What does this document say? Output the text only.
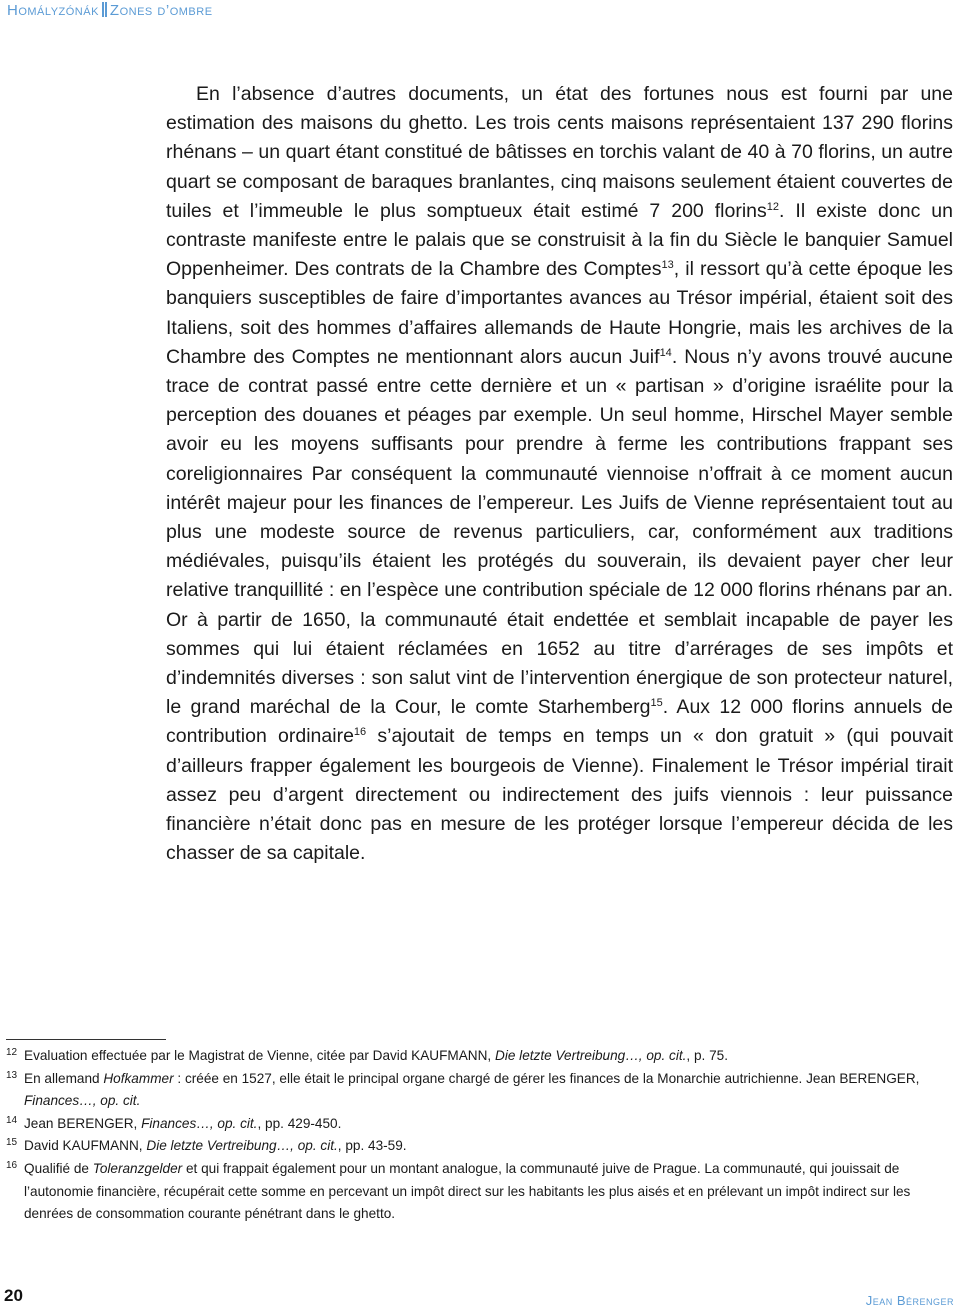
Homályzónák Zones d’ombre

En l’absence d’autres documents, un état des fortunes nous est fourni par une estimation des maisons du ghetto. Les trois cents maisons représentaient 137 290 florins rhénans – un quart étant constitué de bâtisses en torchis valant de 40 à 70 florins, un autre quart se composant de baraques branlantes, cinq maisons seulement étaient couvertes de tuiles et l’immeuble le plus somptueux était estimé 7 200 florins$^{12}$. Il existe donc un contraste manifeste entre le palais que se construisit à la fin du Siècle le banquier Samuel Oppenheimer. Des contrats de la Chambre des Comptes$^{13}$, il ressort qu’à cette époque les banquiers susceptibles de faire d’importantes avances au Trésor impérial, étaient soit des Italiens, soit des hommes d’affaires allemands de Haute Hongrie, mais les archives de la Chambre des Comptes ne mentionnant alors aucun Juif$^{14}$. Nous n’y avons trouvé aucune trace de contrat passé entre cette dernière et un « partisan » d’origine israélite pour la perception des douanes et péages par exemple. Un seul homme, Hirschel Mayer semble avoir eu les moyens suffisants pour prendre à ferme les contributions frappant ses coreligionnaires Par conséquent la communauté viennoise n’offrait à ce moment aucun intérêt majeur pour les finances de l’empereur. Les Juifs de Vienne représentaient tout au plus une modeste source de revenus particuliers, car, conformément aux traditions médiévales, puisqu’ils étaient les protégés du souverain, ils devaient payer cher leur relative tranquillité : en l’espèce une contribution spéciale de 12 000 florins rhénans par an. Or à partir de 1650, la communauté était endettée et semblait incapable de payer les sommes qui lui étaient réclamées en 1652 au titre d’arrérages de ses impôts et d’indemnités diverses : son salut vint de l’intervention énergique de son protecteur naturel, le grand maréchal de la Cour, le comte Starhemberg$^{15}$. Aux 12 000 florins annuels de contribution ordinaire$^{16}$ s’ajoutait de temps en temps un « don gratuit » (qui pouvait d’ailleurs frapper également les bourgeois de Vienne). Finalement le Trésor impérial tirait assez peu d’argent directement ou indirectement des juifs viennois : leur puissance financière n’était donc pas en mesure de les protéger lorsque l’empereur décida de les chasser de sa capitale.

12 Evaluation effectuée par le Magistrat de Vienne, citée par David KAUFMANN, Die letzte Vertreibung…, op. cit., p. 75.
13 En allemand Hofkammer : créée en 1527, elle était le principal organe chargé de gérer les finances de la Monarchie autrichienne. Jean BERENGER, Finances…, op. cit.
14 Jean BERENGER, Finances…, op. cit., pp. 429-450.
15 David KAUFMANN, Die letzte Vertreibung…, op. cit., pp. 43-59.
16 Qualifié de Toleranzgelder et qui frappait également pour un montant analogue, la communauté juive de Prague. La communauté, qui jouissait de l’autonomie financière, récupérait cette somme en percevant un impôt direct sur les habitants les plus aisés et en prélevant un impôt indirect sur les denrées de consommation courante pénétrant dans le ghetto.
20	Jean Bérenger
